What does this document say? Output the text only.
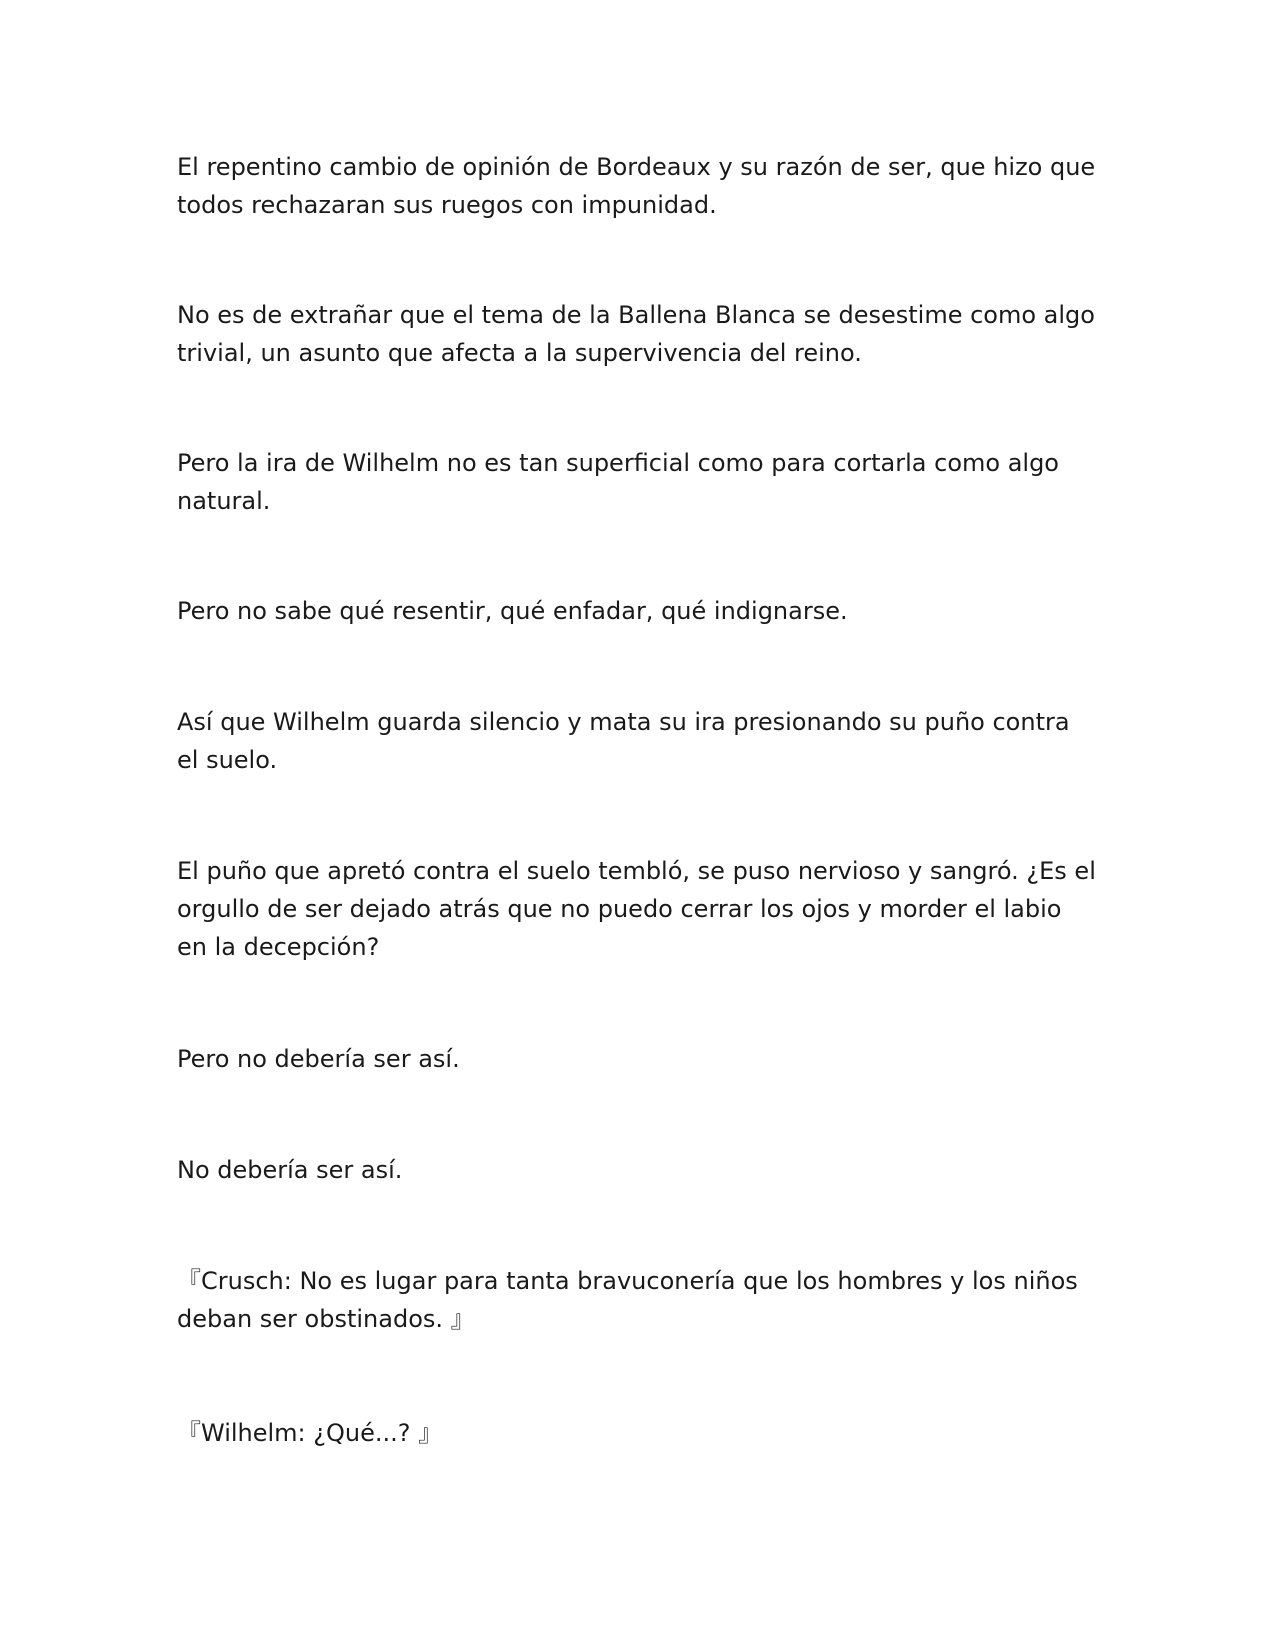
El repentino cambio de opinión de Bordeaux y su razón de ser, que hizo que todos rechazaran sus ruegos con impunidad.

No es de extrañar que el tema de la Ballena Blanca se desestime como algo trivial, un asunto que afecta a la supervivencia del reino.

Pero la ira de Wilhelm no es tan superficial como para cortarla como algo natural.

Pero no sabe qué resentir, qué enfadar, qué indignarse.

Así que Wilhelm guarda silencio y mata su ira presionando su puño contra el suelo.

El puño que apretó contra el suelo tembló, se puso nervioso y sangró. ¿Es el orgullo de ser dejado atrás que no puedo cerrar los ojos y morder el labio en la decepción?

Pero no debería ser así.

No debería ser así.

『Crusch: No es lugar para tanta bravuconería que los hombres y los niños deban ser obstinados. 』

『Wilhelm: ¿Qué...? 』
